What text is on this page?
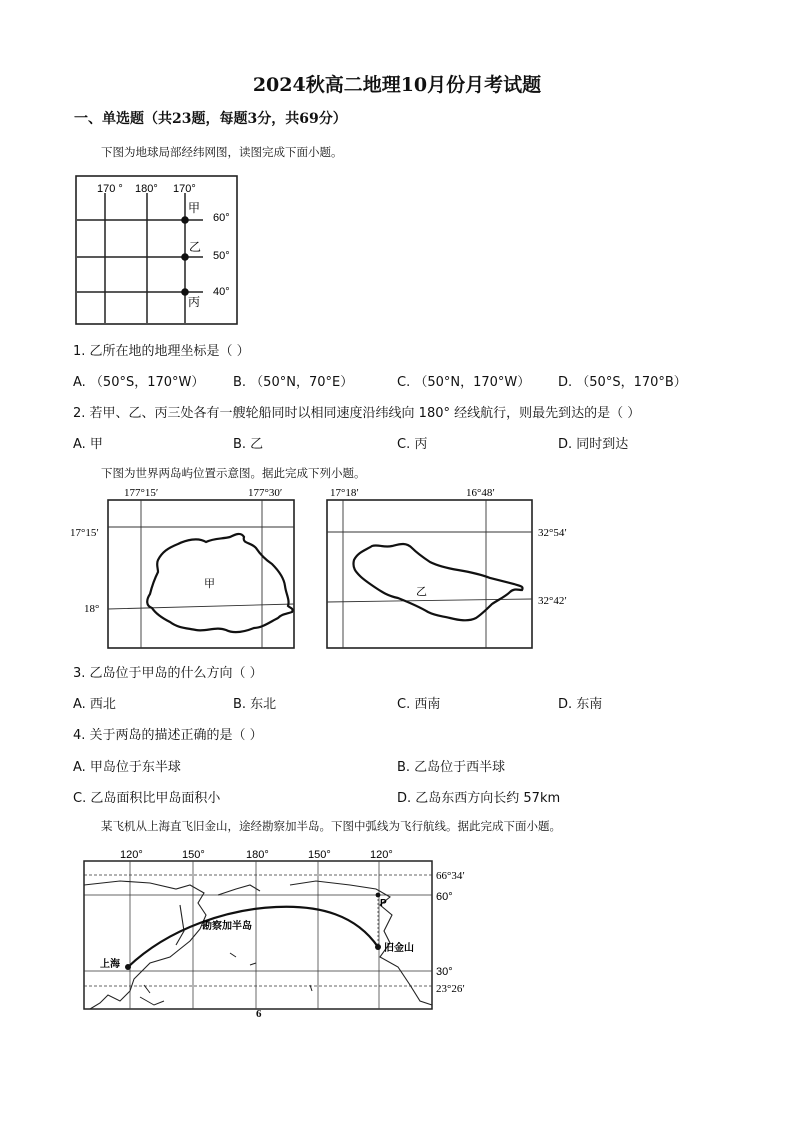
2024秋高二地理10月份月考试题
一、单选题（共23题，每题3分，共69分）
下图为地球局部经纬网图，读图完成下面小题。
170 ° 180° 170°
60°
50°
40°
甲
乙
丙
1. 乙所在地的地理坐标是（ ）
A. （50°S，170°W） B. （50°N，70°E）	C. （50°N，170°W） D. （50°S，170°B）
2. 若甲、乙、丙三处各有一艘轮船同时以相同速度沿纬线向 180° 经线航行，则最先到达的是（ ）
A. 甲	B. 乙	C. 丙	D. 同时到达
下图为世界两岛屿位置示意图。据此完成下列小题。
甲
177°15′	177°30′
17°15′
18°
乙
17°18′	16°48′
32°54′
32°42′
3. 乙岛位于甲岛的什么方向（ ）
A. 西北	B. 东北	C. 西南	D. 东南
4. 关于两岛的描述正确的是（ ）
A. 甲岛位于东半球	B. 乙岛位于西半球
C. 乙岛面积比甲岛面积小	D. 乙岛东西方向长约 57km
某飞机从上海直飞旧金山，途经勘察加半岛。下图中弧线为飞行航线。据此完成下面小题。
120°	150°	180°	150°	120°
66°34′
60°
30°
23°26′
勘察加半岛
P
上海
旧金山
6
